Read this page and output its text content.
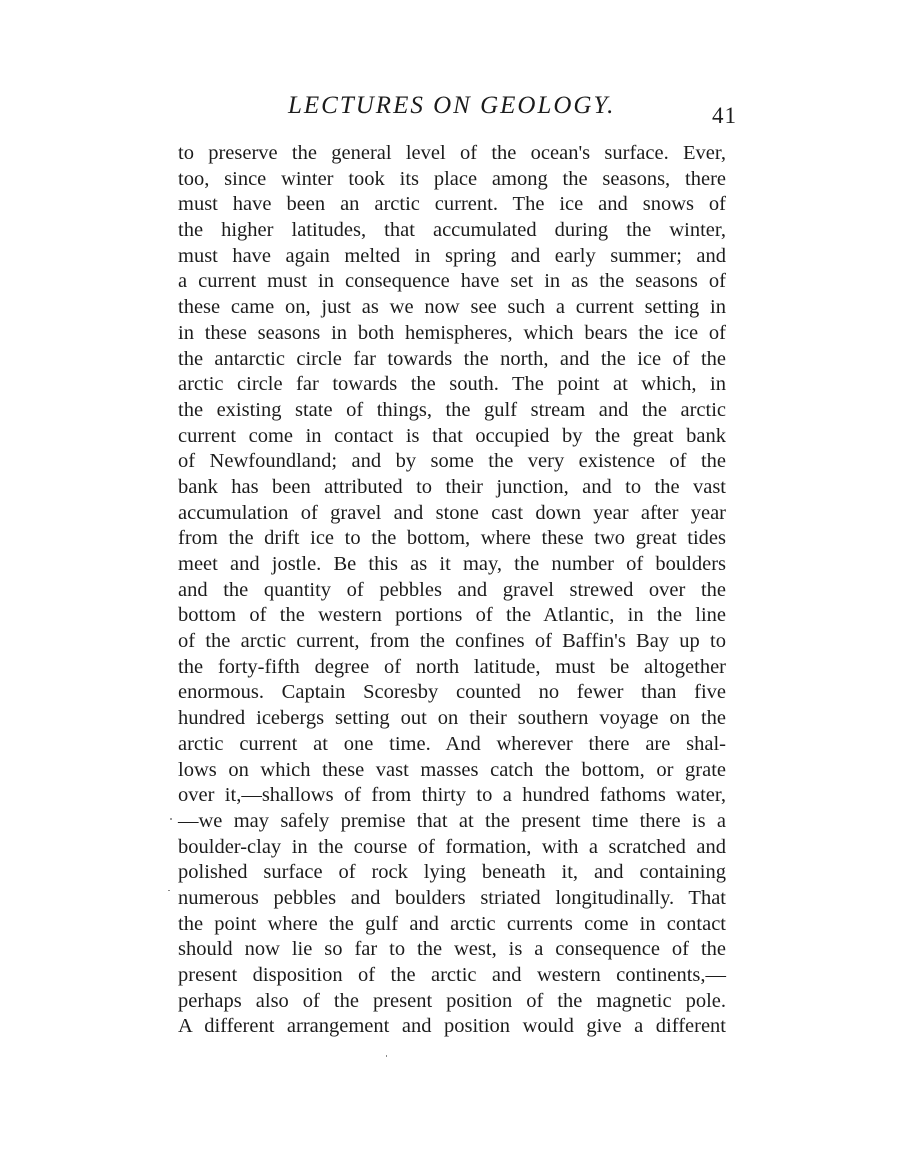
LECTURES ON GEOLOGY.	41
to preserve the general level of the ocean's surface. Ever,
too, since winter took its place among the seasons, there
must have been an arctic current. The ice and snows of
the higher latitudes, that accumulated during the winter,
must have again melted in spring and early summer; and
a current must in consequence have set in as the seasons of
these came on, just as we now see such a current setting in
in these seasons in both hemispheres, which bears the ice of
the antarctic circle far towards the north, and the ice of the
arctic circle far towards the south. The point at which, in
the existing state of things, the gulf stream and the arctic
current come in contact is that occupied by the great bank
of Newfoundland; and by some the very existence of the
bank has been attributed to their junction, and to the vast
accumulation of gravel and stone cast down year after year
from the drift ice to the bottom, where these two great tides
meet and jostle. Be this as it may, the number of boulders
and the quantity of pebbles and gravel strewed over the
bottom of the western portions of the Atlantic, in the line
of the arctic current, from the confines of Baffin's Bay up to
the forty-fifth degree of north latitude, must be altogether
enormous. Captain Scoresby counted no fewer than five
hundred icebergs setting out on their southern voyage on the
arctic current at one time. And wherever there are shal-
lows on which these vast masses catch the bottom, or grate
over it,—shallows of from thirty to a hundred fathoms water,
—we may safely premise that at the present time there is a
boulder-clay in the course of formation, with a scratched and
polished surface of rock lying beneath it, and containing
numerous pebbles and boulders striated longitudinally. That
the point where the gulf and arctic currents come in contact
should now lie so far to the west, is a consequence of the
present disposition of the arctic and western continents,—
perhaps also of the present position of the magnetic pole.
A different arrangement and position would give a different
